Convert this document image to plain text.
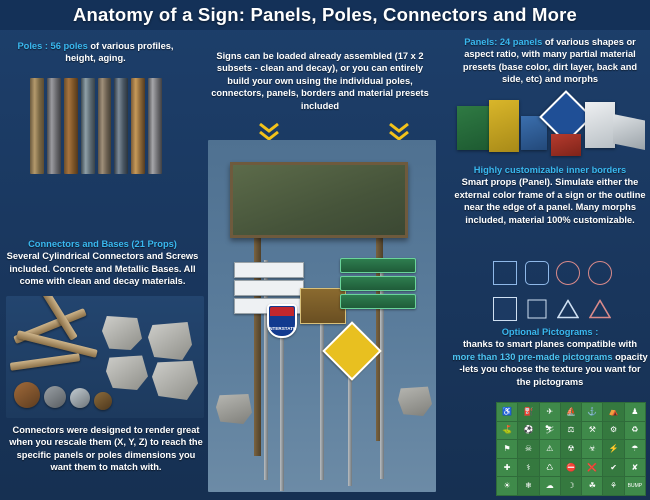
Anatomy of a Sign: Panels, Poles, Connectors and More
Poles : 56 poles of various profiles, height, aging.
Connectors and Bases (21 Props)
Several Cylindrical Connectors and Screws included. Concrete and Metallic Bases. All come with clean and decay materials.
Connectors were designed to render great when you rescale them (X, Y, Z) to reach the specific panels or poles dimensions you want them to match with.
Signs can be loaded already assembled (17 x 2 subsets - clean and decay), or you can entirely build your own using the individual poles, connectors, panels, borders and material presets included
INTERSTATE
Panels: 24 panels of various shapes or aspect ratio, with many partial material presets (base color, dirt layer, back and side, etc) and morphs
Highly customizable inner borders
Smart props (Panel). Simulate either the external color frame of a sign or the outline near the edge of a panel. Many morphs included, material 100% customizable.
Optional Pictograms :
thanks to smart planes compatible with more than 130 pre-made pictograms opacity -lets you choose the texture you want for the pictograms
♿	⛽	✈	⛵	⚓	⛺	♟
⛳	⚽	⛷	⚖	⚒	⚙	♻
⚑	☠	⚠	☢	☣	⚡	☂
✚	⚕	♺	⛔	❌	✔	✘
☀	❄	☁	☽	☘	⚘	BUMP
